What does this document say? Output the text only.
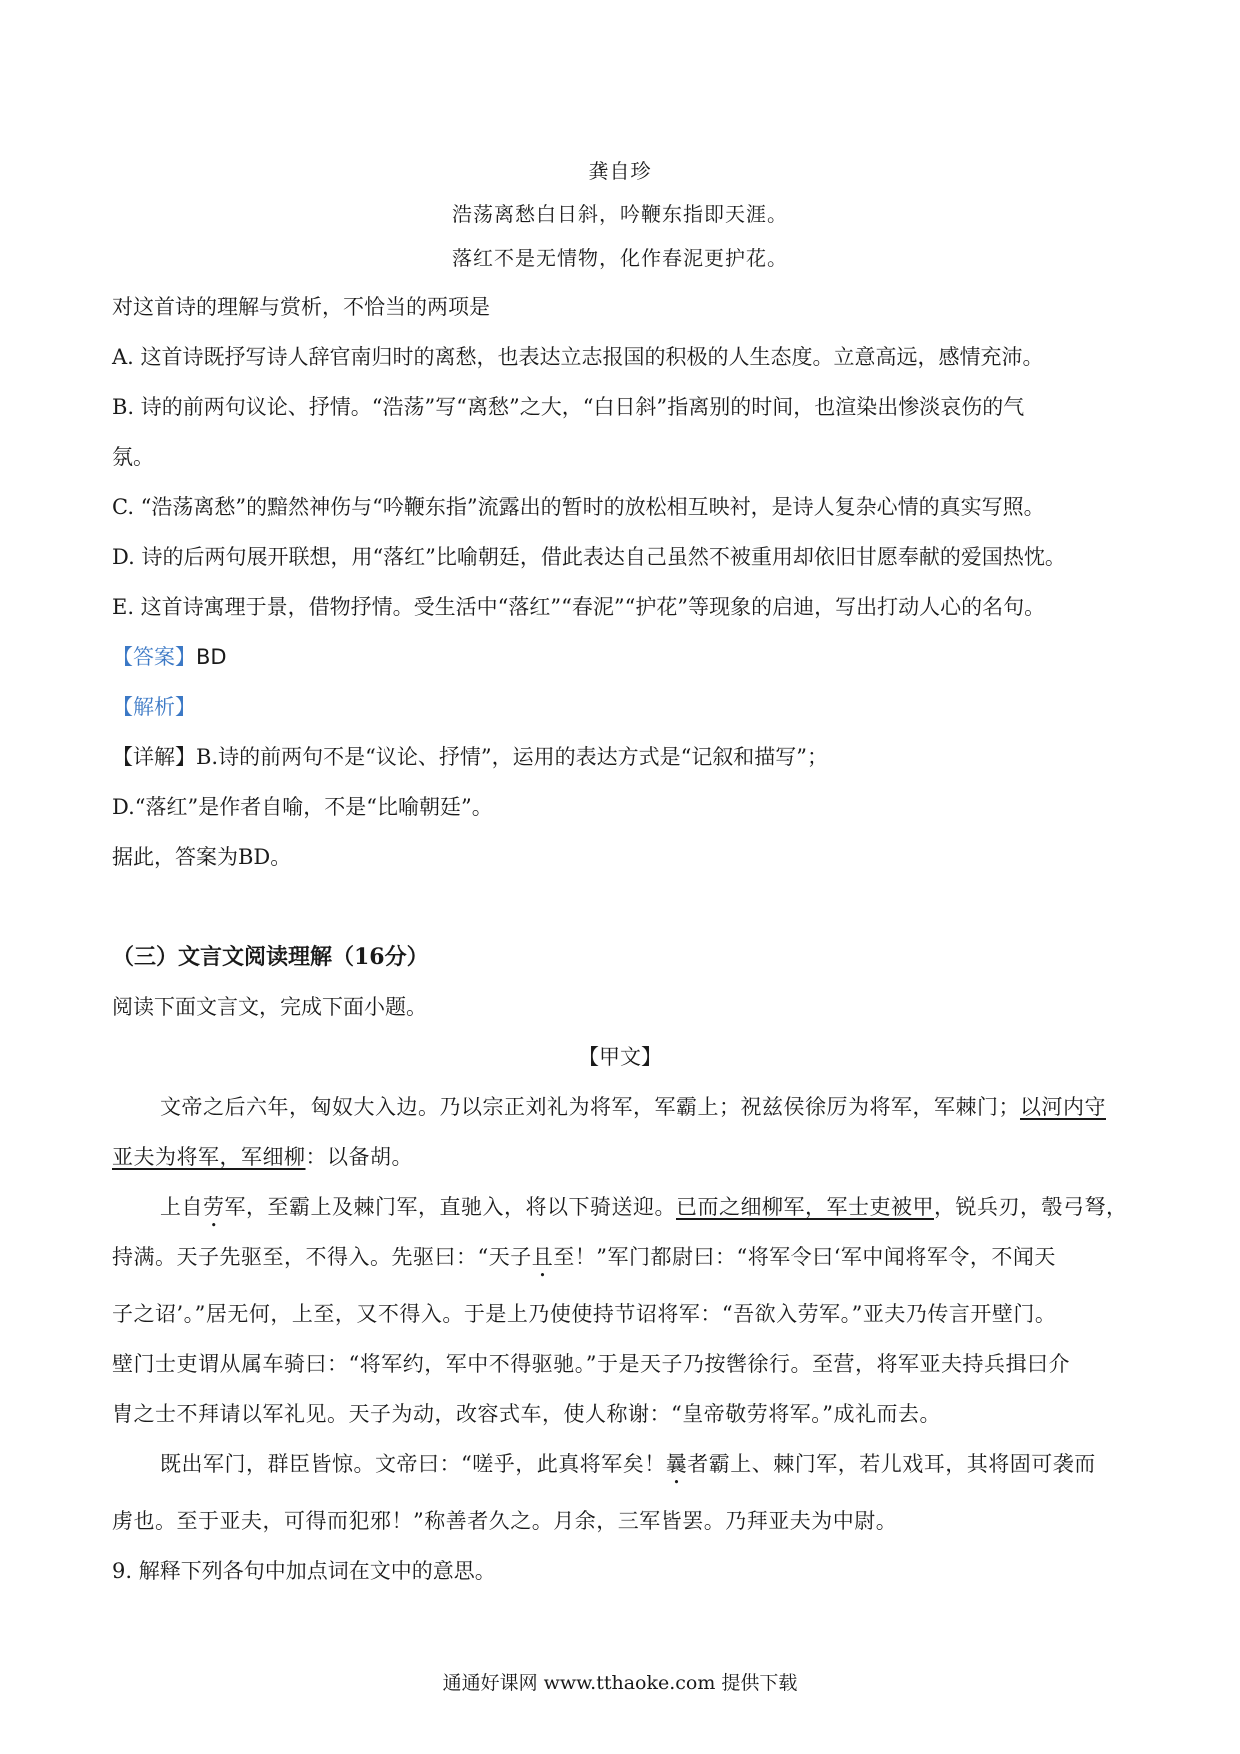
龚自珍
浩荡离愁白日斜，吟鞭东指即天涯。
落红不是无情物，化作春泥更护花。
对这首诗的理解与赏析，不恰当的两项是
A. 这首诗既抒写诗人辞官南归时的离愁，也表达立志报国的积极的人生态度。立意高远，感情充沛。
B. 诗的前两句议论、抒情。“浩荡”写“离愁”之大，“白日斜”指离别的时间，也渲染出惨淡哀伤的气
氛。
C. “浩荡离愁”的黯然神伤与“吟鞭东指”流露出的暂时的放松相互映衬，是诗人复杂心情的真实写照。
D. 诗的后两句展开联想，用“落红”比喻朝廷，借此表达自己虽然不被重用却依旧甘愿奉献的爱国热忱。
E. 这首诗寓理于景，借物抒情。受生活中“落红”“春泥”“护花”等现象的启迪，写出打动人心的名句。
【答案】BD
【解析】
【详解】B.诗的前两句不是“议论、抒情”，运用的表达方式是“记叙和描写”；
D.“落红”是作者自喻，不是“比喻朝廷”。
据此，答案为BD。
（三）文言文阅读理解（16分）
阅读下面文言文，完成下面小题。
【甲文】
文帝之后六年，匈奴大入边。乃以宗正刘礼为将军，军霸上；祝兹侯徐厉为将军，军棘门；以河内守
亚夫为将军，军细柳：以备胡。
上自劳军，至霸上及棘门军，直驰入，将以下骑送迎。已而之细柳军，军士吏被甲，锐兵刃，彀弓弩，
持满。天子先驱至，不得入。先驱曰：“天子且至！”军门都尉曰：“将军令曰‘军中闻将军令，不闻天
子之诏’。”居无何，上至，又不得入。于是上乃使使持节诏将军：“吾欲入劳军。”亚夫乃传言开壁门。
壁门士吏谓从属车骑曰：“将军约，军中不得驱驰。”于是天子乃按辔徐行。至营，将军亚夫持兵揖曰介
胄之士不拜请以军礼见。天子为动，改容式车，使人称谢：“皇帝敬劳将军。”成礼而去。
既出军门，群臣皆惊。文帝曰：“嗟乎，此真将军矣！曩者霸上、棘门军，若儿戏耳，其将固可袭而
虏也。至于亚夫，可得而犯邪！”称善者久之。月余，三军皆罢。乃拜亚夫为中尉。
9. 解释下列各句中加点词在文中的意思。
通通好课网 www.tthaoke.com 提供下载
